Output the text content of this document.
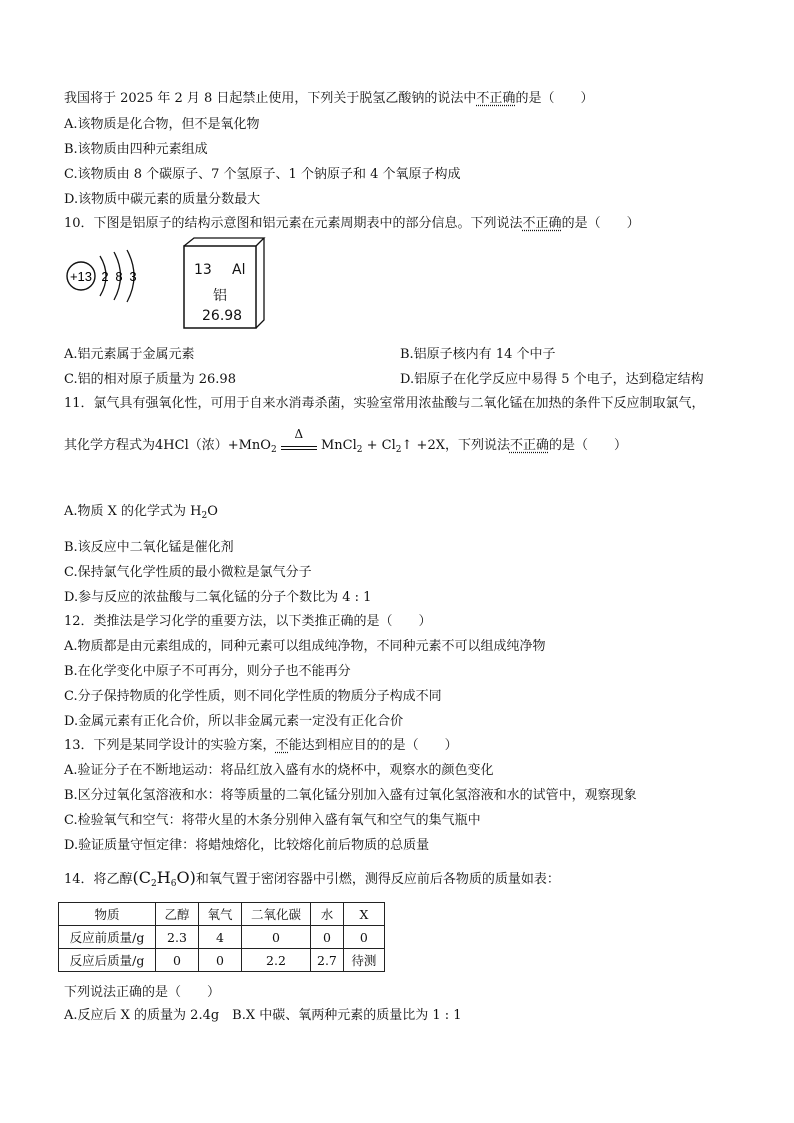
我国将于 2025 年 2 月 8 日起禁止使用，下列关于脱氢乙酸钠的说法中不正确的是（　　）
A.该物质是化合物，但不是氧化物
B.该物质由四种元素组成
C.该物质由 8 个碳原子、7 个氢原子、1 个钠原子和 4 个氧原子构成
D.该物质中碳元素的质量分数最大
10．下图是铝原子的结构示意图和铝元素在元素周期表中的部分信息。下列说法不正确的是（　　）
+13 2 8 3	13 Al
铝
26.98
A.铝元素属于金属元素	B.铝原子核内有 14 个中子
C.铝的相对原子质量为 26.98	D.铝原子在化学反应中易得 5 个电子，达到稳定结构
11．氯气具有强氧化性，可用于自来水消毒杀菌，实验室常用浓盐酸与二氧化锰在加热的条件下反应制取氯气，
其化学方程式为4HCl（浓）+MnO$_2$
Δ
MnCl$_2$ + $Cl_2↑ +2X$，下列说法不正确的是（　　）
A.物质 X 的化学式为 $H_2O$
B.该反应中二氧化锰是催化剂
C.保持氯气化学性质的最小微粒是氯气分子
D.参与反应的浓盐酸与二氧化锰的分子个数比为 4 : 1
12．类推法是学习化学的重要方法，以下类推正确的是（　　）
A.物质都是由元素组成的，同种元素可以组成纯净物，不同种元素不可以组成纯净物
B.在化学变化中原子不可再分，则分子也不能再分
C.分子保持物质的化学性质，则不同化学性质的物质分子构成不同
D.金属元素有正化合价，所以非金属元素一定没有正化合价
13．下列是某同学设计的实验方案，不能达到相应目的的是（　　）
A.验证分子在不断地运动：将品红放入盛有水的烧杯中，观察水的颜色变化
B.区分过氧化氢溶液和水：将等质量的二氧化锰分别加入盛有过氧化氢溶液和水的试管中，观察现象
C.检验氧气和空气：将带火星的木条分别伸入盛有氧气和空气的集气瓶中
D.验证质量守恒定律：将蜡烛熔化，比较熔化前后物质的总质量
14．将乙醇$(C_2H_6O)$和氧气置于密闭容器中引燃，测得反应前后各物质的质量如表：
物质	乙醇	氧气	二氧化碳	水	X
反应前质量/g	2.3	4	0	0	0
反应后质量/g	0	0	2.2	2.7	待测
下列说法正确的是（　　）
A.反应后 X 的质量为 2.4g　B.X 中碳、氧两种元素的质量比为 1 : 1
